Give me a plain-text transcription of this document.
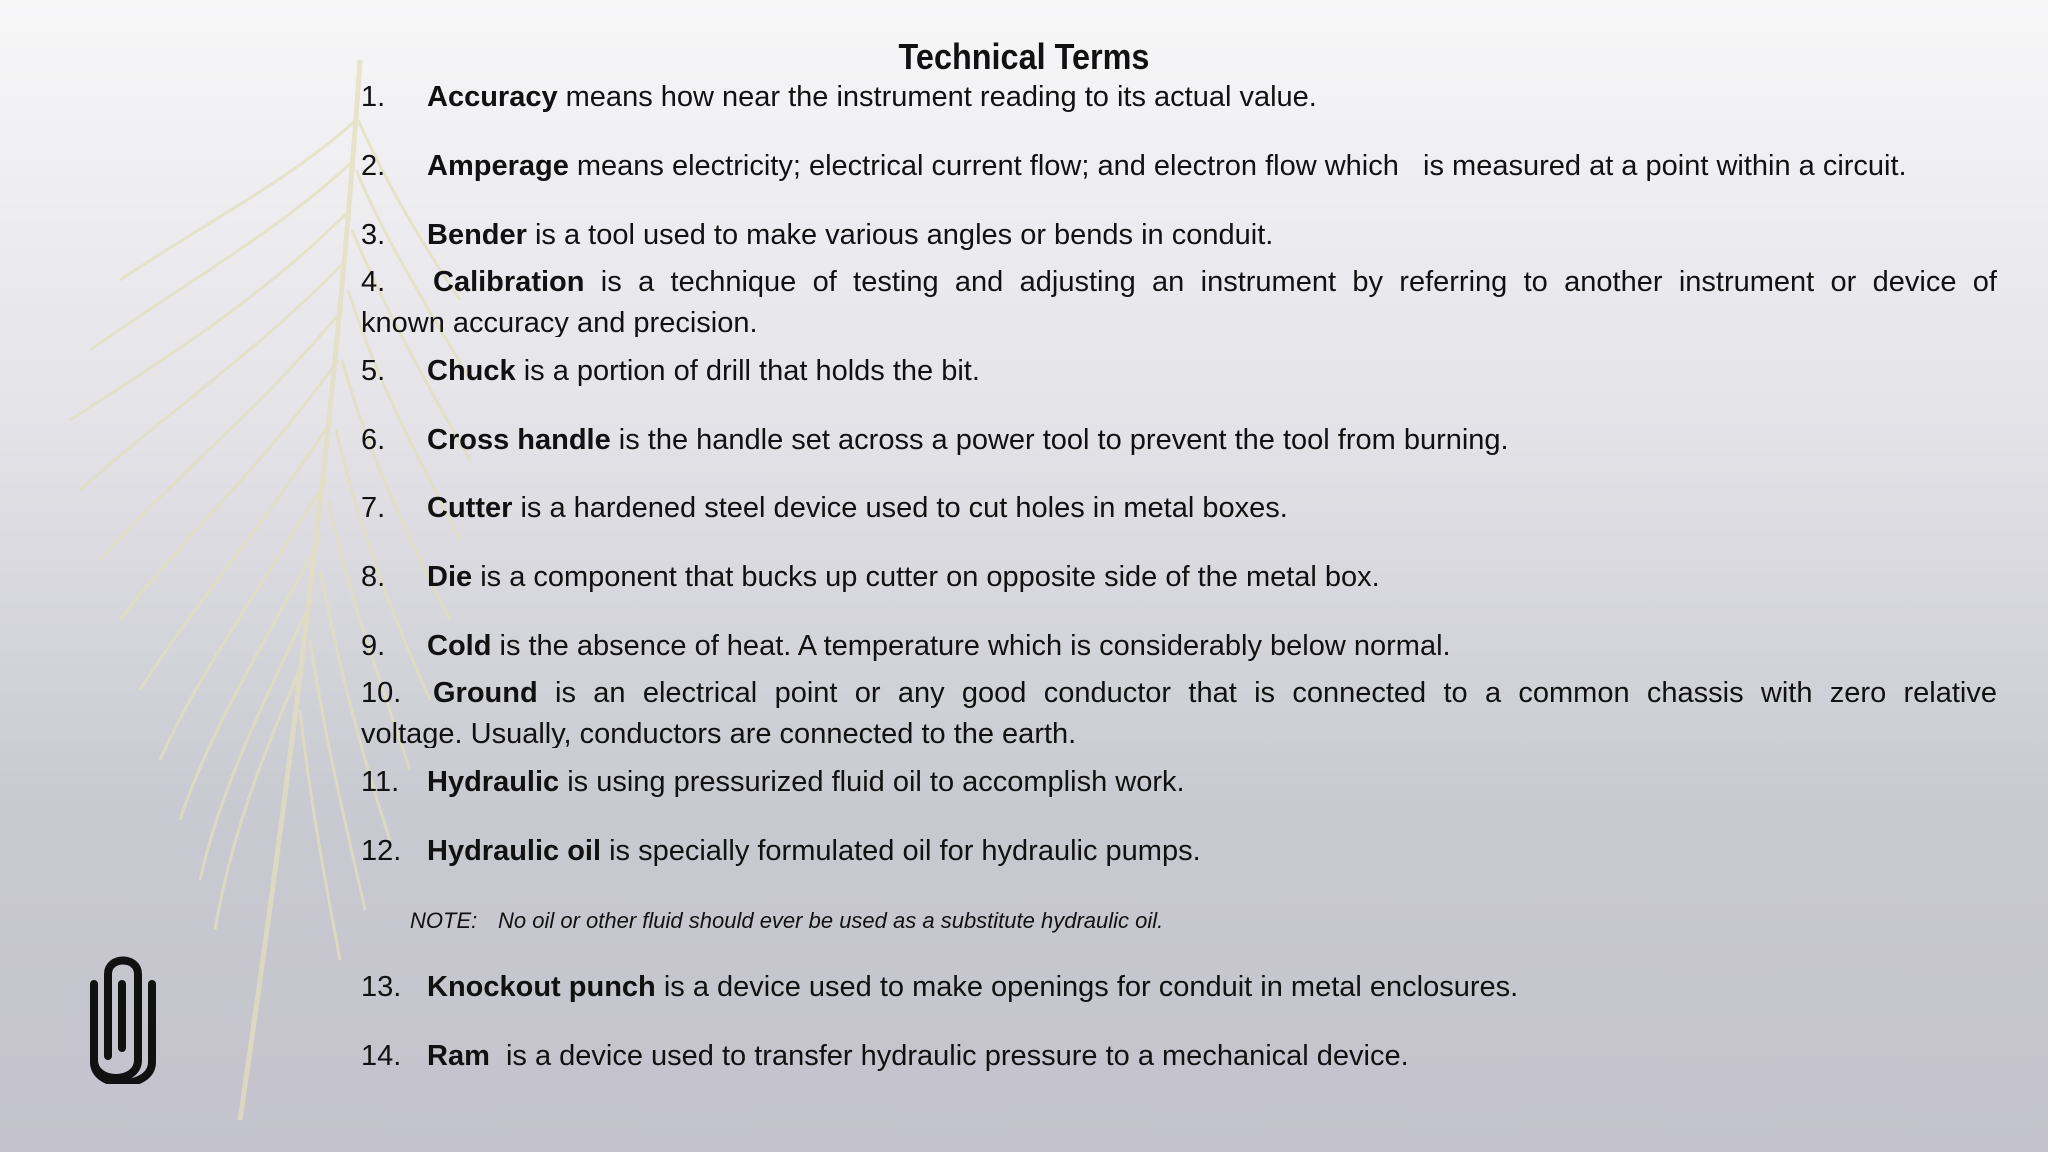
Technical Terms
1. Accuracy means how near the instrument reading to its actual value.
2. Amperage means electricity; electrical current flow; and electron flow which   is measured at a point within a circuit.
3. Bender is a tool used to make various angles or bends in conduit.
4. Calibration is a technique of testing and adjusting an instrument by referring to another instrument or device of
known accuracy and precision.
5. Chuck is a portion of drill that holds the bit.
6. Cross handle is the handle set across a power tool to prevent the tool from burning.
7. Cutter is a hardened steel device used to cut holes in metal boxes.
8. Die is a component that bucks up cutter on opposite side of the metal box.
9. Cold is the absence of heat. A temperature which is considerably below normal.
10. Ground is an electrical point or any good conductor that is connected to a common chassis with zero relative
voltage. Usually, conductors are connected to the earth.
11. Hydraulic is using pressurized fluid oil to accomplish work.
12. Hydraulic oil is specially formulated oil for hydraulic pumps.
NOTE: No oil or other fluid should ever be used as a substitute hydraulic oil.
13. Knockout punch is a device used to make openings for conduit in metal enclosures.
14. Ram  is a device used to transfer hydraulic pressure to a mechanical device.
